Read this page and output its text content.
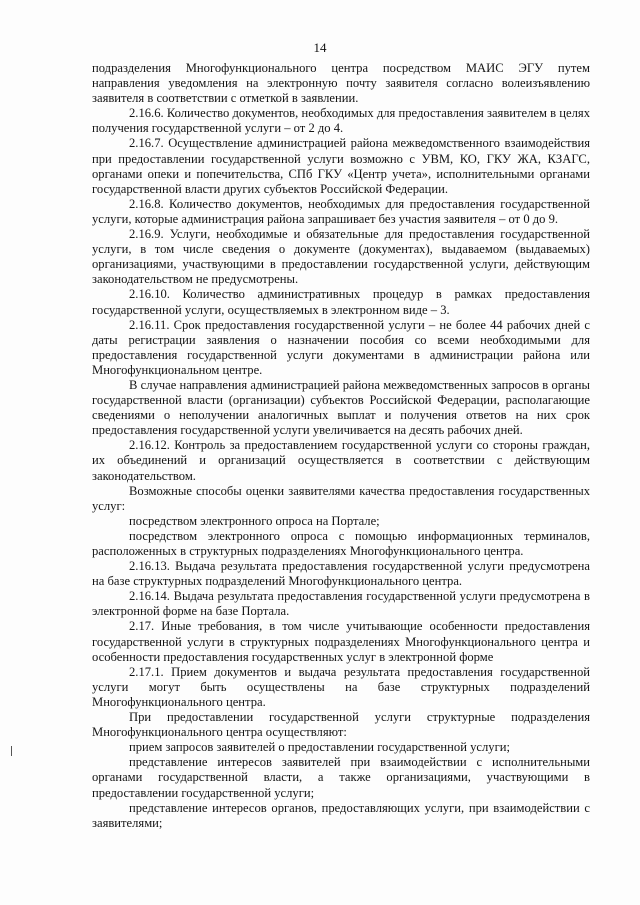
14

подразделения Многофункционального центра посредством МАИС ЭГУ путем направления уведомления на электронную почту заявителя согласно волеизъявлению заявителя в соответствии с отметкой в заявлении.

2.16.6. Количество документов, необходимых для предоставления заявителем в целях получения государственной услуги – от 2 до 4.

2.16.7. Осуществление администрацией района межведомственного взаимодействия при предоставлении государственной услуги возможно с УВМ, КО, ГКУ ЖА, КЗАГС, органами опеки и попечительства, СПб ГКУ «Центр учета», исполнительными органами государственной власти других субъектов Российской Федерации.

2.16.8. Количество документов, необходимых для предоставления государственной услуги, которые администрация района запрашивает без участия заявителя – от 0 до 9.

2.16.9. Услуги, необходимые и обязательные для предоставления государственной услуги, в том числе сведения о документе (документах), выдаваемом (выдаваемых) организациями, участвующими в предоставлении государственной услуги, действующим законодательством не предусмотрены.

2.16.10. Количество административных процедур в рамках предоставления государственной услуги, осуществляемых в электронном виде – 3.

2.16.11. Срок предоставления государственной услуги – не более 44 рабочих дней с даты регистрации заявления о назначении пособия со всеми необходимыми для предоставления государственной услуги документами в администрации района или Многофункциональном центре.

В случае направления администрацией района межведомственных запросов в органы государственной власти (организации) субъектов Российской Федерации, располагающие сведениями о неполучении аналогичных выплат и получения ответов на них срок предоставления государственной услуги увеличивается на десять рабочих дней.

2.16.12. Контроль за предоставлением государственной услуги со стороны граждан, их объединений и организаций осуществляется в соответствии с действующим законодательством.

Возможные способы оценки заявителями качества предоставления государственных услуг:

посредством электронного опроса на Портале;

посредством электронного опроса с помощью информационных терминалов, расположенных в структурных подразделениях Многофункционального центра.

2.16.13. Выдача результата предоставления государственной услуги предусмотрена на базе структурных подразделений Многофункционального центра.

2.16.14. Выдача результата предоставления государственной услуги предусмотрена в электронной форме на базе Портала.

2.17. Иные требования, в том числе учитывающие особенности предоставления государственной услуги в структурных подразделениях Многофункционального центра и особенности предоставления государственных услуг в электронной форме

2.17.1. Прием документов и выдача результата предоставления государственной услуги могут быть осуществлены на базе структурных подразделений Многофункционального центра.

При предоставлении государственной услуги структурные подразделения Многофункционального центра осуществляют:

прием запросов заявителей о предоставлении государственной услуги;

представление интересов заявителей при взаимодействии с исполнительными органами государственной власти, а также организациями, участвующими в предоставлении государственной услуги;

представление интересов органов, предоставляющих услуги, при взаимодействии с заявителями;
